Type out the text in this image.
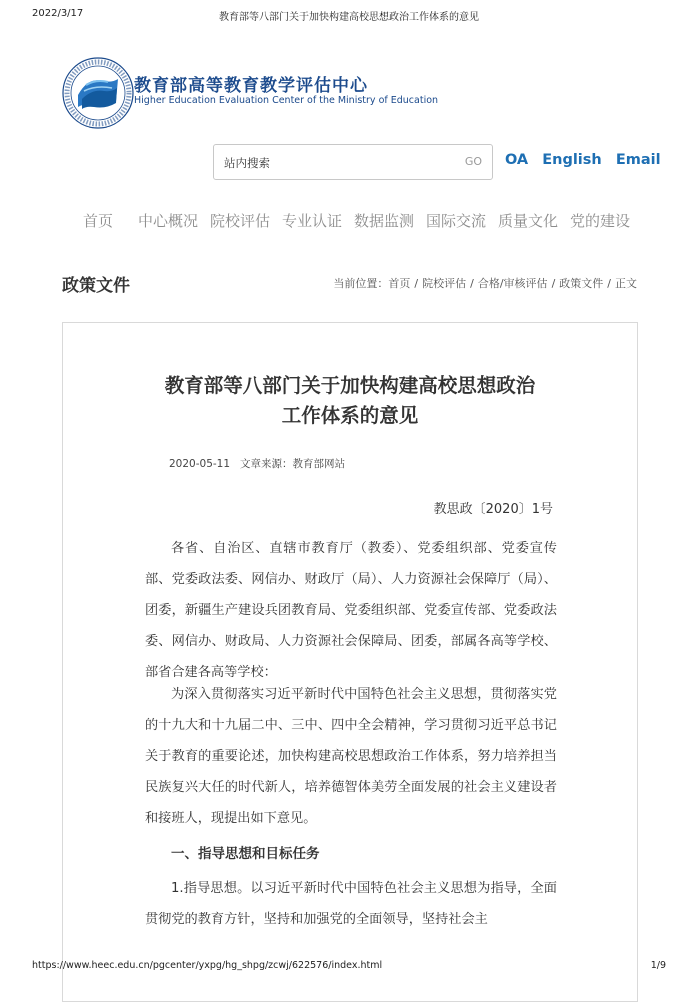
2022/3/17	教育部等八部门关于加快构建高校思想政治工作体系的意见
教育部高等教育教学评估中心
Higher Education Evaluation Center of the Ministry of Education
站内搜索
GO OA English Email
首页 中心概况 院校评估 专业认证 数据监测 国际交流 质量文化 党的建设
政策文件	当前位置：首页 / 院校评估 / 合格/审核评估 / 政策文件 / 正文
教育部等八部门关于加快构建高校思想政治
工作体系的意见
2020-05-11 文章来源：教育部网站
教思政〔2020〕1号

各省、自治区、直辖市教育厅（教委）、党委组织部、党委宣传部、党委政法委、网信办、财政厅（局）、人力资源社会保障厅（局）、团委，新疆生产建设兵团教育局、党委组织部、党委宣传部、党委政法委、网信办、财政局、人力资源社会保障局、团委，部属各高等学校、部省合建各高等学校：

为深入贯彻落实习近平新时代中国特色社会主义思想，贯彻落实党的十九大和十九届二中、三中、四中全会精神，学习贯彻习近平总书记关于教育的重要论述，加快构建高校思想政治工作体系，努力培养担当民族复兴大任的时代新人，培养德智体美劳全面发展的社会主义建设者和接班人，现提出如下意见。

一、指导思想和目标任务

1.指导思想。以习近平新时代中国特色社会主义思想为指导，全面贯彻党的教育方针，坚持和加强党的全面领导，坚持社会主

https://www.heec.edu.cn/pgcenter/yxpg/hg_shpg/zcwj/622576/index.html	1/9
